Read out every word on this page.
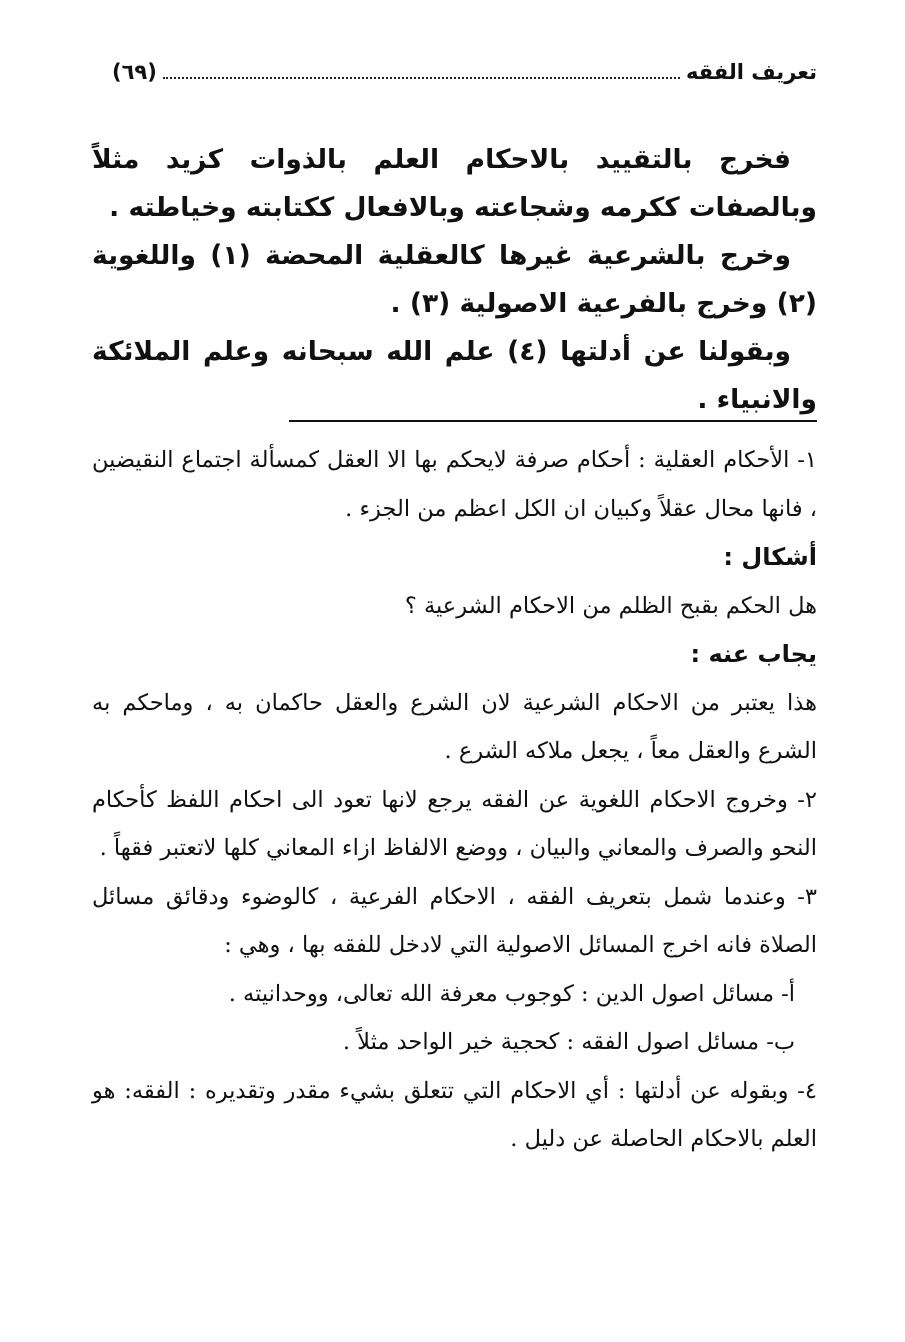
تعريف الفقه
(٦٩)

فخرج بالتقييد بالاحكام العلم بالذوات كزيد مثلاً وبالصفات ككرمه وشجاعته وبالافعال ككتابته وخياطته .

وخرج بالشرعية غيرها كالعقلية المحضة (١) واللغوية (٢) وخرج بالفرعية الاصولية (٣) .

وبقولنا عن أدلتها (٤) علم الله سبحانه وعلم الملائكة والانبياء .

١- الأحكام العقلية : أحكام صرفة لايحكم بها الا العقل كمسألة اجتماع النقيضين ، فانها محال عقلاً وكبيان ان الكل اعظم من الجزء .

أشكال :

هل الحكم بقبح الظلم من الاحكام الشرعية ؟

يجاب عنه :

هذا يعتبر من الاحكام الشرعية لان الشرع والعقل حاكمان به ، وماحكم به الشرع والعقل معاً ، يجعل ملاكه الشرع .

٢- وخروج الاحكام اللغوية عن الفقه يرجع لانها تعود الى احكام اللفظ كأحكام النحو والصرف والمعاني والبيان ، ووضع الالفاظ ازاء المعاني كلها لاتعتبر فقهاً .

٣- وعندما شمل بتعريف الفقه ، الاحكام الفرعية ، كالوضوء ودقائق مسائل الصلاة فانه اخرج المسائل الاصولية التي لادخل للفقه بها ، وهي :

أ- مسائل اصول الدين : كوجوب معرفة الله تعالى، ووحدانيته .

ب- مسائل اصول الفقه : كحجية خير الواحد مثلاً .

٤- وبقوله عن أدلتها : أي الاحكام التي تتعلق بشيء مقدر وتقديره : الفقه: هو العلم بالاحكام الحاصلة عن دليل .
